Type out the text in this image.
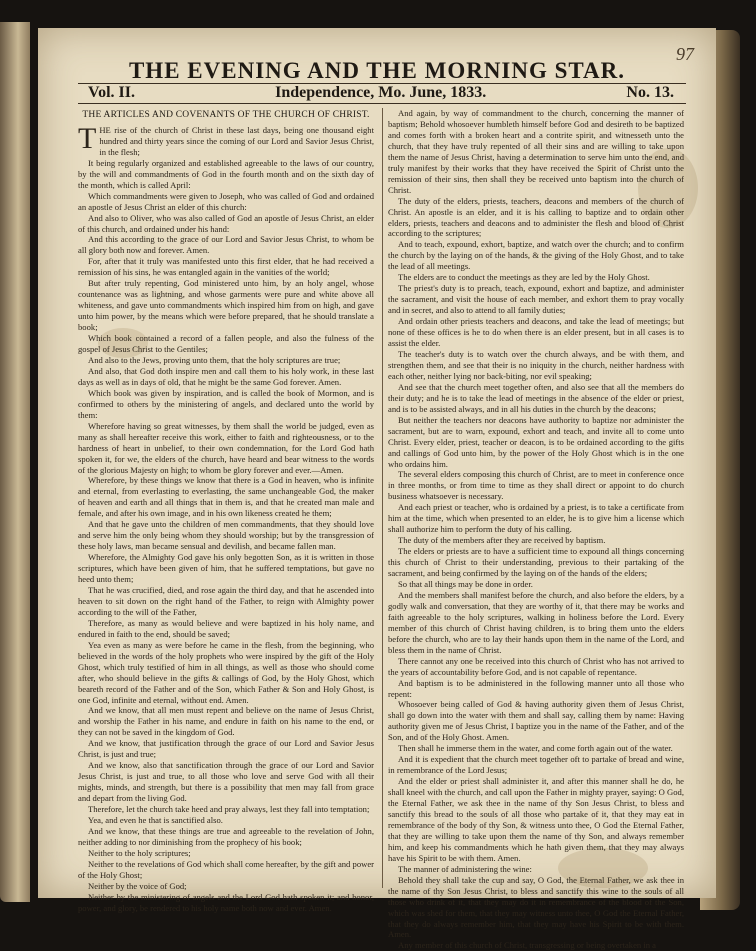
97
THE EVENING AND THE MORNING STAR.
Vol. II.	Independence, Mo. June, 1833.	No. 13.
THE ARTICLES AND COVENANTS OF THE CHURCH OF CHRIST.
T HE rise of the church of Christ in these last days, being one thousand eight hundred and thirty years since the coming of our Lord and Savior Jesus Christ, in the flesh;

It being regularly organized and established agreeable to the laws of our country, by the will and commandments of God in the fourth month and on the sixth day of the month, which is called April:

Which commandments were given to Joseph, who was called of God and ordained an apostle of Jesus Christ an elder of this church:

And also to Oliver, who was also called of God an apostle of Jesus Christ, an elder of this church, and ordained under his hand:

And this according to the grace of our Lord and Savior Jesus Christ, to whom be all glory both now and forever. Amen.

For, after that it truly was manifested unto this first elder, that he had received a remission of his sins, he was entangled again in the vanities of the world;

But after truly repenting, God ministered unto him, by an holy angel, whose countenance was as lightning, and whose garments were pure and white above all whiteness, and gave unto commandments which inspired him from on high, and gave unto him power, by the means which were before prepared, that he should translate a book;

Which book contained a record of a fallen people, and also the fulness of the gospel of Jesus Christ to the Gentiles;

And also to the Jews, proving unto them, that the holy scriptures are true;

And also, that God doth inspire men and call them to his holy work, in these last days as well as in days of old, that he might be the same God forever. Amen.

Which book was given by inspiration, and is called the book of Mormon, and is confirmed to others by the ministering of angels, and declared unto the world by them:

Wherefore having so great witnesses, by them shall the world be judged, even as many as shall hereafter receive this work, either to faith and righteousness, or to the hardness of heart in unbelief, to their own condemnation, for the Lord God hath spoken it, for we, the elders of the church, have heard and bear witness to the words of the glorious Majesty on high; to whom be glory forever and ever.—Amen.

Wherefore, by these things we know that there is a God in heaven, who is infinite and eternal, from everlasting to everlasting, the same unchangeable God, the maker of heaven and earth and all things that in them is, and that he created man male and female, and after his own image, and in his own likeness created he them;

And that he gave unto the children of men commandments, that they should love and serve him the only being whom they should worship; but by the transgression of these holy laws, man became sensual and devilish, and became fallen man.

Wherefore, the Almighty God gave his only begotten Son, as it is written in those scriptures, which have been given of him, that he suffered temptations, but gave no heed unto them;

That he was crucified, died, and rose again the third day, and that he ascended into heaven to sit down on the right hand of the Father, to reign with Almighty power according to the will of the Father,

Therefore, as many as would believe and were baptized in his holy name, and endured in faith to the end, should be saved;

Yea even as many as were before he came in the flesh, from the beginning, who believed in the words of the holy prophets who were inspired by the gift of the Holy Ghost, which truly testified of him in all things, as well as those who should come after, who should believe in the gifts & callings of God, by the Holy Ghost, which beareth record of the Father and of the Son, which Father & Son and Holy Ghost, is one God, infinite and eternal, without end. Amen.

And we know, that all men must repent and believe on the name of Jesus Christ, and worship the Father in his name, and endure in faith on his name to the end, or they can not be saved in the kingdom of God.

And we know, that justification through the grace of our Lord and Savior Jesus Christ, is just and true;

And we know, also that sanctification through the grace of our Lord and Savior Jesus Christ, is just and true, to all those who love and serve God with all their mights, minds, and strength, but there is a possibility that men may fall from grace and depart from the living God.

Therefore, let the church take heed and pray always, lest they fall into temptation;

Yea, and even he that is sanctified also.

And we know, that these things are true and agreeable to the revelation of John, neither adding to nor diminishing from the prophecy of his book;

Neither to the holy scriptures;

Neither to the revelations of God which shall come hereafter, by the gift and power of the Holy Ghost;

Neither by the voice of God;

Neither by the ministering of angels and the Lord God hath spoken it; and honor, power, and glory, be rendered to his holy name both now and ever. Amen.

And again, by way of commandment to the church, concerning the manner of baptism; Behold whosoever humbleth himself before God and desireth to be baptized and comes forth with a broken heart and a contrite spirit, and witnesseth unto the church, that they have truly repented of all their sins and are willing to take upon them the name of Jesus Christ, having a determination to serve him unto the end, and truly manifest by their works that they have received the Spirit of Christ unto the remission of their sins, then shall they be received unto baptism into the church of Christ.

The duty of the elders, priests, teachers, deacons and members of the church of Christ. An apostle is an elder, and it is his calling to baptize and to ordain other elders, priests, teachers and deacons and to administer the flesh and blood of Christ according to the scriptures;

And to teach, expound, exhort, baptize, and watch over the church; and to confirm the church by the laying on of the hands, & the giving of the Holy Ghost, and to take the lead of all meetings.

The elders are to conduct the meetings as they are led by the Holy Ghost.

The priest's duty is to preach, teach, expound, exhort and baptize, and administer the sacrament, and visit the house of each member, and exhort them to pray vocally and in secret, and also to attend to all family duties;

And ordain other priests teachers and deacons, and take the lead of meetings; but none of these offices is he to do when there is an elder present, but in all cases is to assist the elder.

The teacher's duty is to watch over the church always, and be with them, and strengthen them, and see that their is no iniquity in the church, neither hardness with each other, neither lying nor back-biting, nor evil speaking;

And see that the church meet together often, and also see that all the members do their duty; and he is to take the lead of meetings in the absence of the elder or priest, and is to be assisted always, and in all his duties in the church by the deacons;

But neither the teachers nor deacons have authority to baptize nor administer the sacrament, but are to warn, expound, exhort and teach, and invite all to come unto Christ. Every elder, priest, teacher or deacon, is to be ordained according to the gifts and callings of God unto him, by the power of the Holy Ghost which is in the one who ordains him.

The several elders composing this church of Christ, are to meet in conference once in three months, or from time to time as they shall direct or appoint to do church business whatsoever is necessary.

And each priest or teacher, who is ordained by a priest, is to take a certificate from him at the time, which when presented to an elder, he is to give him a license which shall authorize him to perform the duty of his calling.

The duty of the members after they are received by baptism.

The elders or priests are to have a sufficient time to expound all things concerning this church of Christ to their understanding, previous to their partaking of the sacrament, and being confirmed by the laying on of the hands of the elders;

So that all things may be done in order.

And the members shall manifest before the church, and also before the elders, by a godly walk and conversation, that they are worthy of it, that there may be works and faith agreeable to the holy scriptures, walking in holiness before the Lord. Every member of this church of Christ having children, is to bring them unto the elders before the church, who are to lay their hands upon them in the name of the Lord, and bless them in the name of Christ.

There cannot any one be received into this church of Christ who has not arrived to the years of accountability before God, and is not capable of repentance.

And baptism is to be administered in the following manner unto all those who repent:

Whosoever being called of God & having authority given them of Jesus Christ, shall go down into the water with them and shall say, calling them by name: Having authority given me of Jesus Christ, I baptize you in the name of the Father, and of the Son, and of the Holy Ghost. Amen.

Then shall he immerse them in the water, and come forth again out of the water.

And it is expedient that the church meet together oft to partake of bread and wine, in remembrance of the Lord Jesus;

And the elder or priest shall administer it, and after this manner shall he do, he shall kneel with the church, and call upon the Father in mighty prayer, saying: O God, the Eternal Father, we ask thee in the name of thy Son Jesus Christ, to bless and sanctify this bread to the souls of all those who partake of it, that they may eat in remembrance of the body of thy Son, & witness unto thee, O God the Eternal Father, that they are willing to take upon them the name of thy Son, and always remember him, and keep his commandments which he hath given them, that they may always have his Spirit to be with them. Amen.

The manner of administering the wine:

Behold they shall take the cup and say, O God, the Eternal Father, we ask thee in the name of thy Son Jesus Christ, to bless and sanctify this wine to the souls of all those who drink of it, that they may do it in remembrance of the blood of the Son, which was shed for them, that they may witness unto thee, O God the Eternal Father, that they do always remember him, that they may have his Spirit to be with them. Amen.

Any member of this church of Christ, transgressing or being overtaken in a
